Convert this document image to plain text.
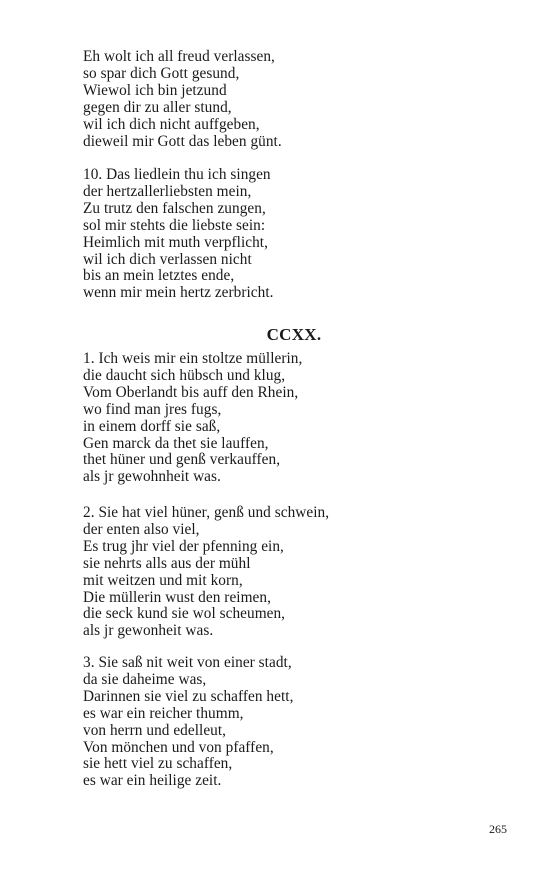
Eh wolt ich all freud verlassen,
so spar dich Gott gesund,
Wiewol ich bin jetzund
gegen dir zu aller stund,
wil ich dich nicht auffgeben,
dieweil mir Gott das leben günt.
10. Das liedlein thu ich singen
der hertzallerliebsten mein,
Zu trutz den falschen zungen,
sol mir stehts die liebste sein:
Heimlich mit muth verpflicht,
wil ich dich verlassen nicht
bis an mein letztes ende,
wenn mir mein hertz zerbricht.
CCXX.
1. Ich weis mir ein stoltze müllerin,
die daucht sich hübsch und klug,
Vom Oberlandt bis auff den Rhein,
wo find man jres fugs,
in einem dorff sie saß,
Gen marck da thet sie lauffen,
thet hüner und genß verkauffen,
als jr gewohnheit was.
2. Sie hat viel hüner, genß und schwein,
der enten also viel,
Es trug jhr viel der pfenning ein,
sie nehrts alls aus der mühl
mit weitzen und mit korn,
Die müllerin wust den reimen,
die seck kund sie wol scheumen,
als jr gewonheit was.
3. Sie saß nit weit von einer stadt,
da sie daheime was,
Darinnen sie viel zu schaffen hett,
es war ein reicher thumm,
von herrn und edelleut,
Von mönchen und von pfaffen,
sie hett viel zu schaffen,
es war ein heilige zeit.
265
